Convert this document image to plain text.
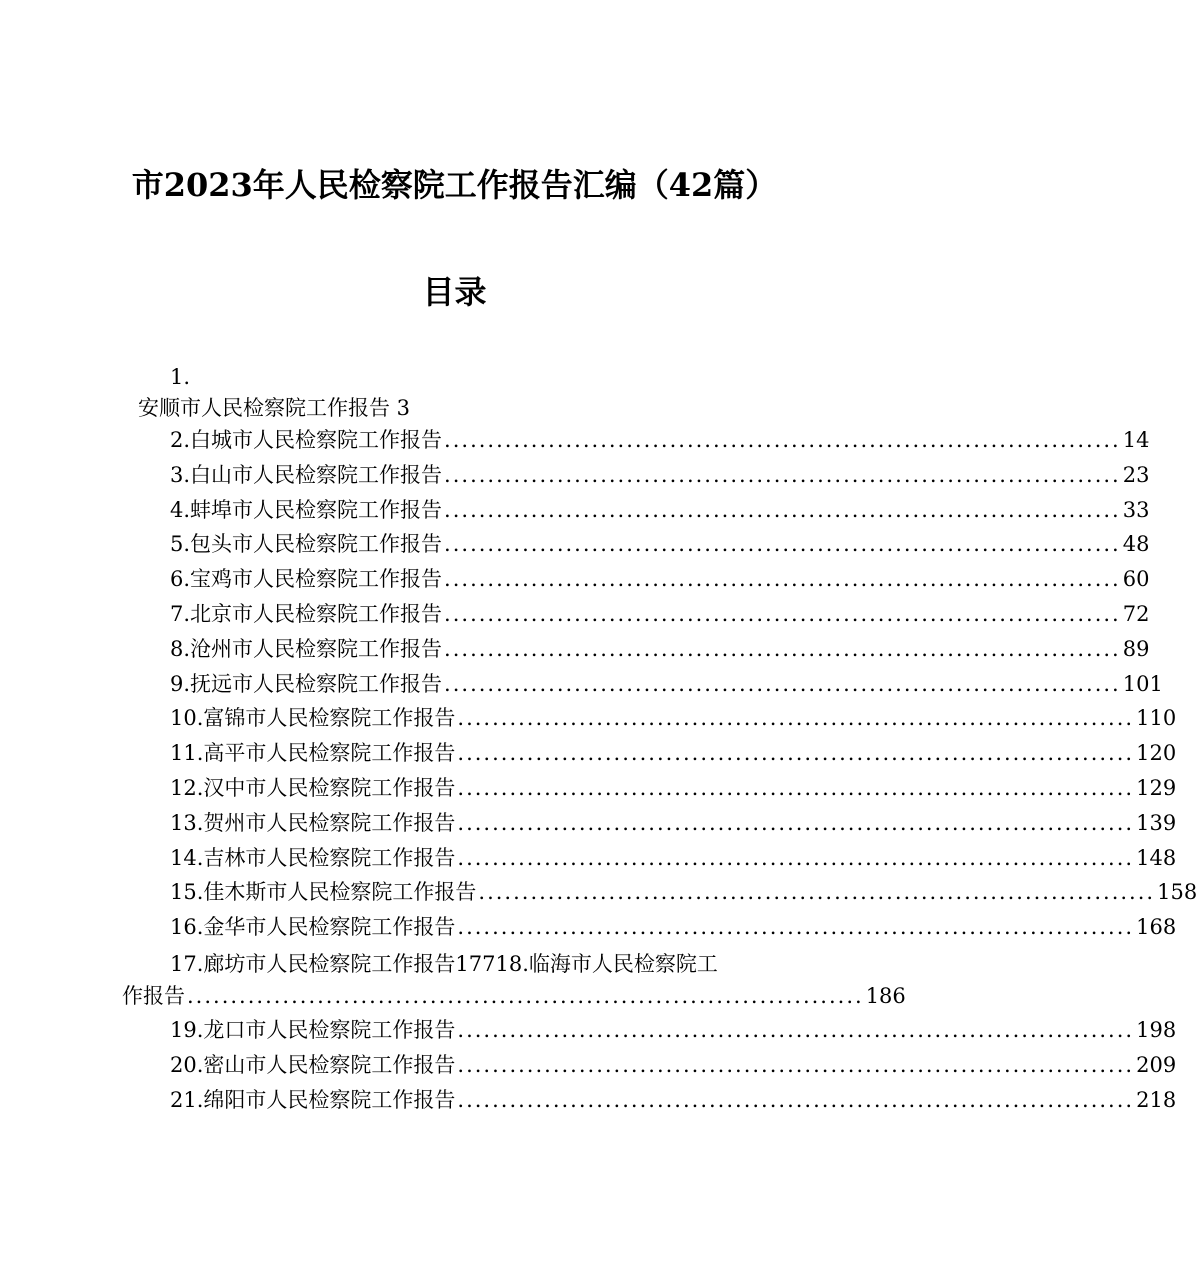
市2023年人民检察院工作报告汇编（42篇）
目录
1.
安顺市人民检察院工作报告 3
2.白城市人民检察院工作报告 .............................................................................. 14
3.白山市人民检察院工作报告 .............................................................................. 23
4.蚌埠市人民检察院工作报告 .............................................................................. 33
5.包头市人民检察院工作报告 .............................................................................. 48
6.宝鸡市人民检察院工作报告 .............................................................................. 60
7.北京市人民检察院工作报告 .............................................................................. 72
8.沧州市人民检察院工作报告 .............................................................................. 89
9.抚远市人民检察院工作报告 .............................................................................. 101
10.富锦市人民检察院工作报告 .............................................................................. 110
11.高平市人民检察院工作报告 .............................................................................. 120
12.汉中市人民检察院工作报告 .............................................................................. 129
13.贺州市人民检察院工作报告 .............................................................................. 139
14.吉林市人民检察院工作报告 .............................................................................. 148
15.佳木斯市人民检察院工作报告 .............................................................................. 158
16.金华市人民检察院工作报告 .............................................................................. 168
17.廊坊市人民检察院工作报告17718.临海市人民检察院工
作报告 .............................................................................. 186
19.龙口市人民检察院工作报告 .............................................................................. 198
20.密山市人民检察院工作报告 .............................................................................. 209
21.绵阳市人民检察院工作报告 .............................................................................. 218
